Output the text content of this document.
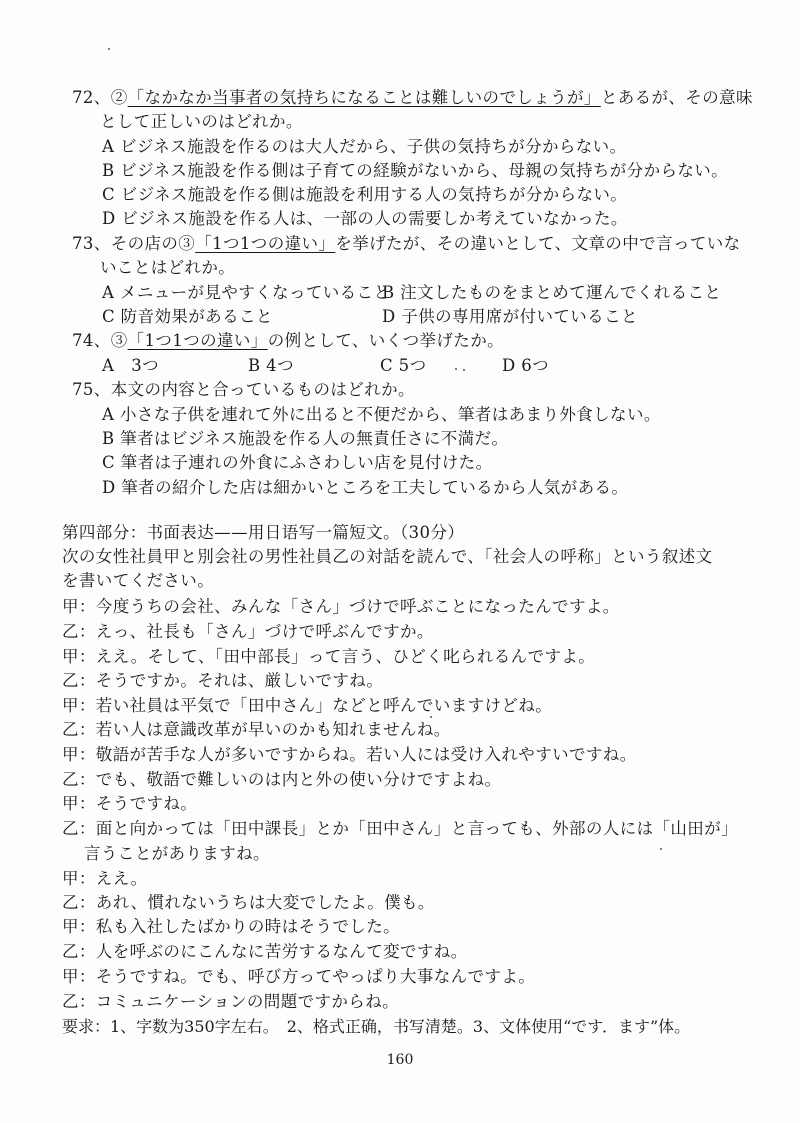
72、②「なかなか当事者の気持ちになることは難しいのでしょうが」とあるが、その意味
として正しいのはどれか。
A ビジネス施設を作るのは大人だから、子供の気持ちが分からない。
B ビジネス施設を作る側は子育ての経験がないから、母親の気持ちが分からない。
C ビジネス施設を作る側は施設を利用する人の気持ちが分からない。
D ビジネス施設を作る人は、一部の人の需要しか考えていなかった。
73、その店の③「1つ1つの違い」を挙げたが、その違いとして、文章の中で言っていな
いことはどれか。
A メニューが見やすくなっていること
B 注文したものをまとめて運んでくれること
C 防音効果があること	D 子供の専用席が付いていること
74、③「1つ1つの違い」の例として、いくつ挙げたか。
A　3つ	B 4つ	C 5つ	D 6つ
75、本文の内容と合っているものはどれか。
A 小さな子供を連れて外に出ると不便だから、筆者はあまり外食しない。
B 筆者はビジネス施設を作る人の無責任さに不満だ。
C 筆者は子連れの外食にふさわしい店を見付けた。
D 筆者の紹介した店は細かいところを工夫しているから人気がある。
第四部分：书面表达——用日语写一篇短文。（30分）
次の女性社員甲と別会社の男性社員乙の対話を読んで、「社会人の呼称」という叙述文
を書いてください。
甲：今度うちの会社、みんな「さん」づけで呼ぶことになったんですよ。
乙：えっ、社長も「さん」づけで呼ぶんですか。
甲：ええ。そして、「田中部長」って言う、ひどく叱られるんですよ。
乙：そうですか。それは、厳しいですね。
甲：若い社員は平気で「田中さん」などと呼んでいますけどね。
乙：若い人は意識改革が早いのかも知れませんね。
甲：敬語が苦手な人が多いですからね。若い人には受け入れやすいですね。
乙：でも、敬語で難しいのは内と外の使い分けですよね。
甲：そうですね。
乙：面と向かっては「田中課長」とか「田中さん」と言っても、外部の人には「山田が」
言うことがありますね。
甲：ええ。
乙：あれ、慣れないうちは大変でしたよ。僕も。
甲：私も入社したばかりの時はそうでした。
乙：人を呼ぶのにこんなに苦労するなんて変ですね。
甲：そうですね。でも、呼び方ってやっぱり大事なんですよ。
乙：コミュニケーションの問題ですからね。
要求：1、字数为350字左右。　2、格式正确，书写清楚。3、文体使用“です．ます”体。
160
